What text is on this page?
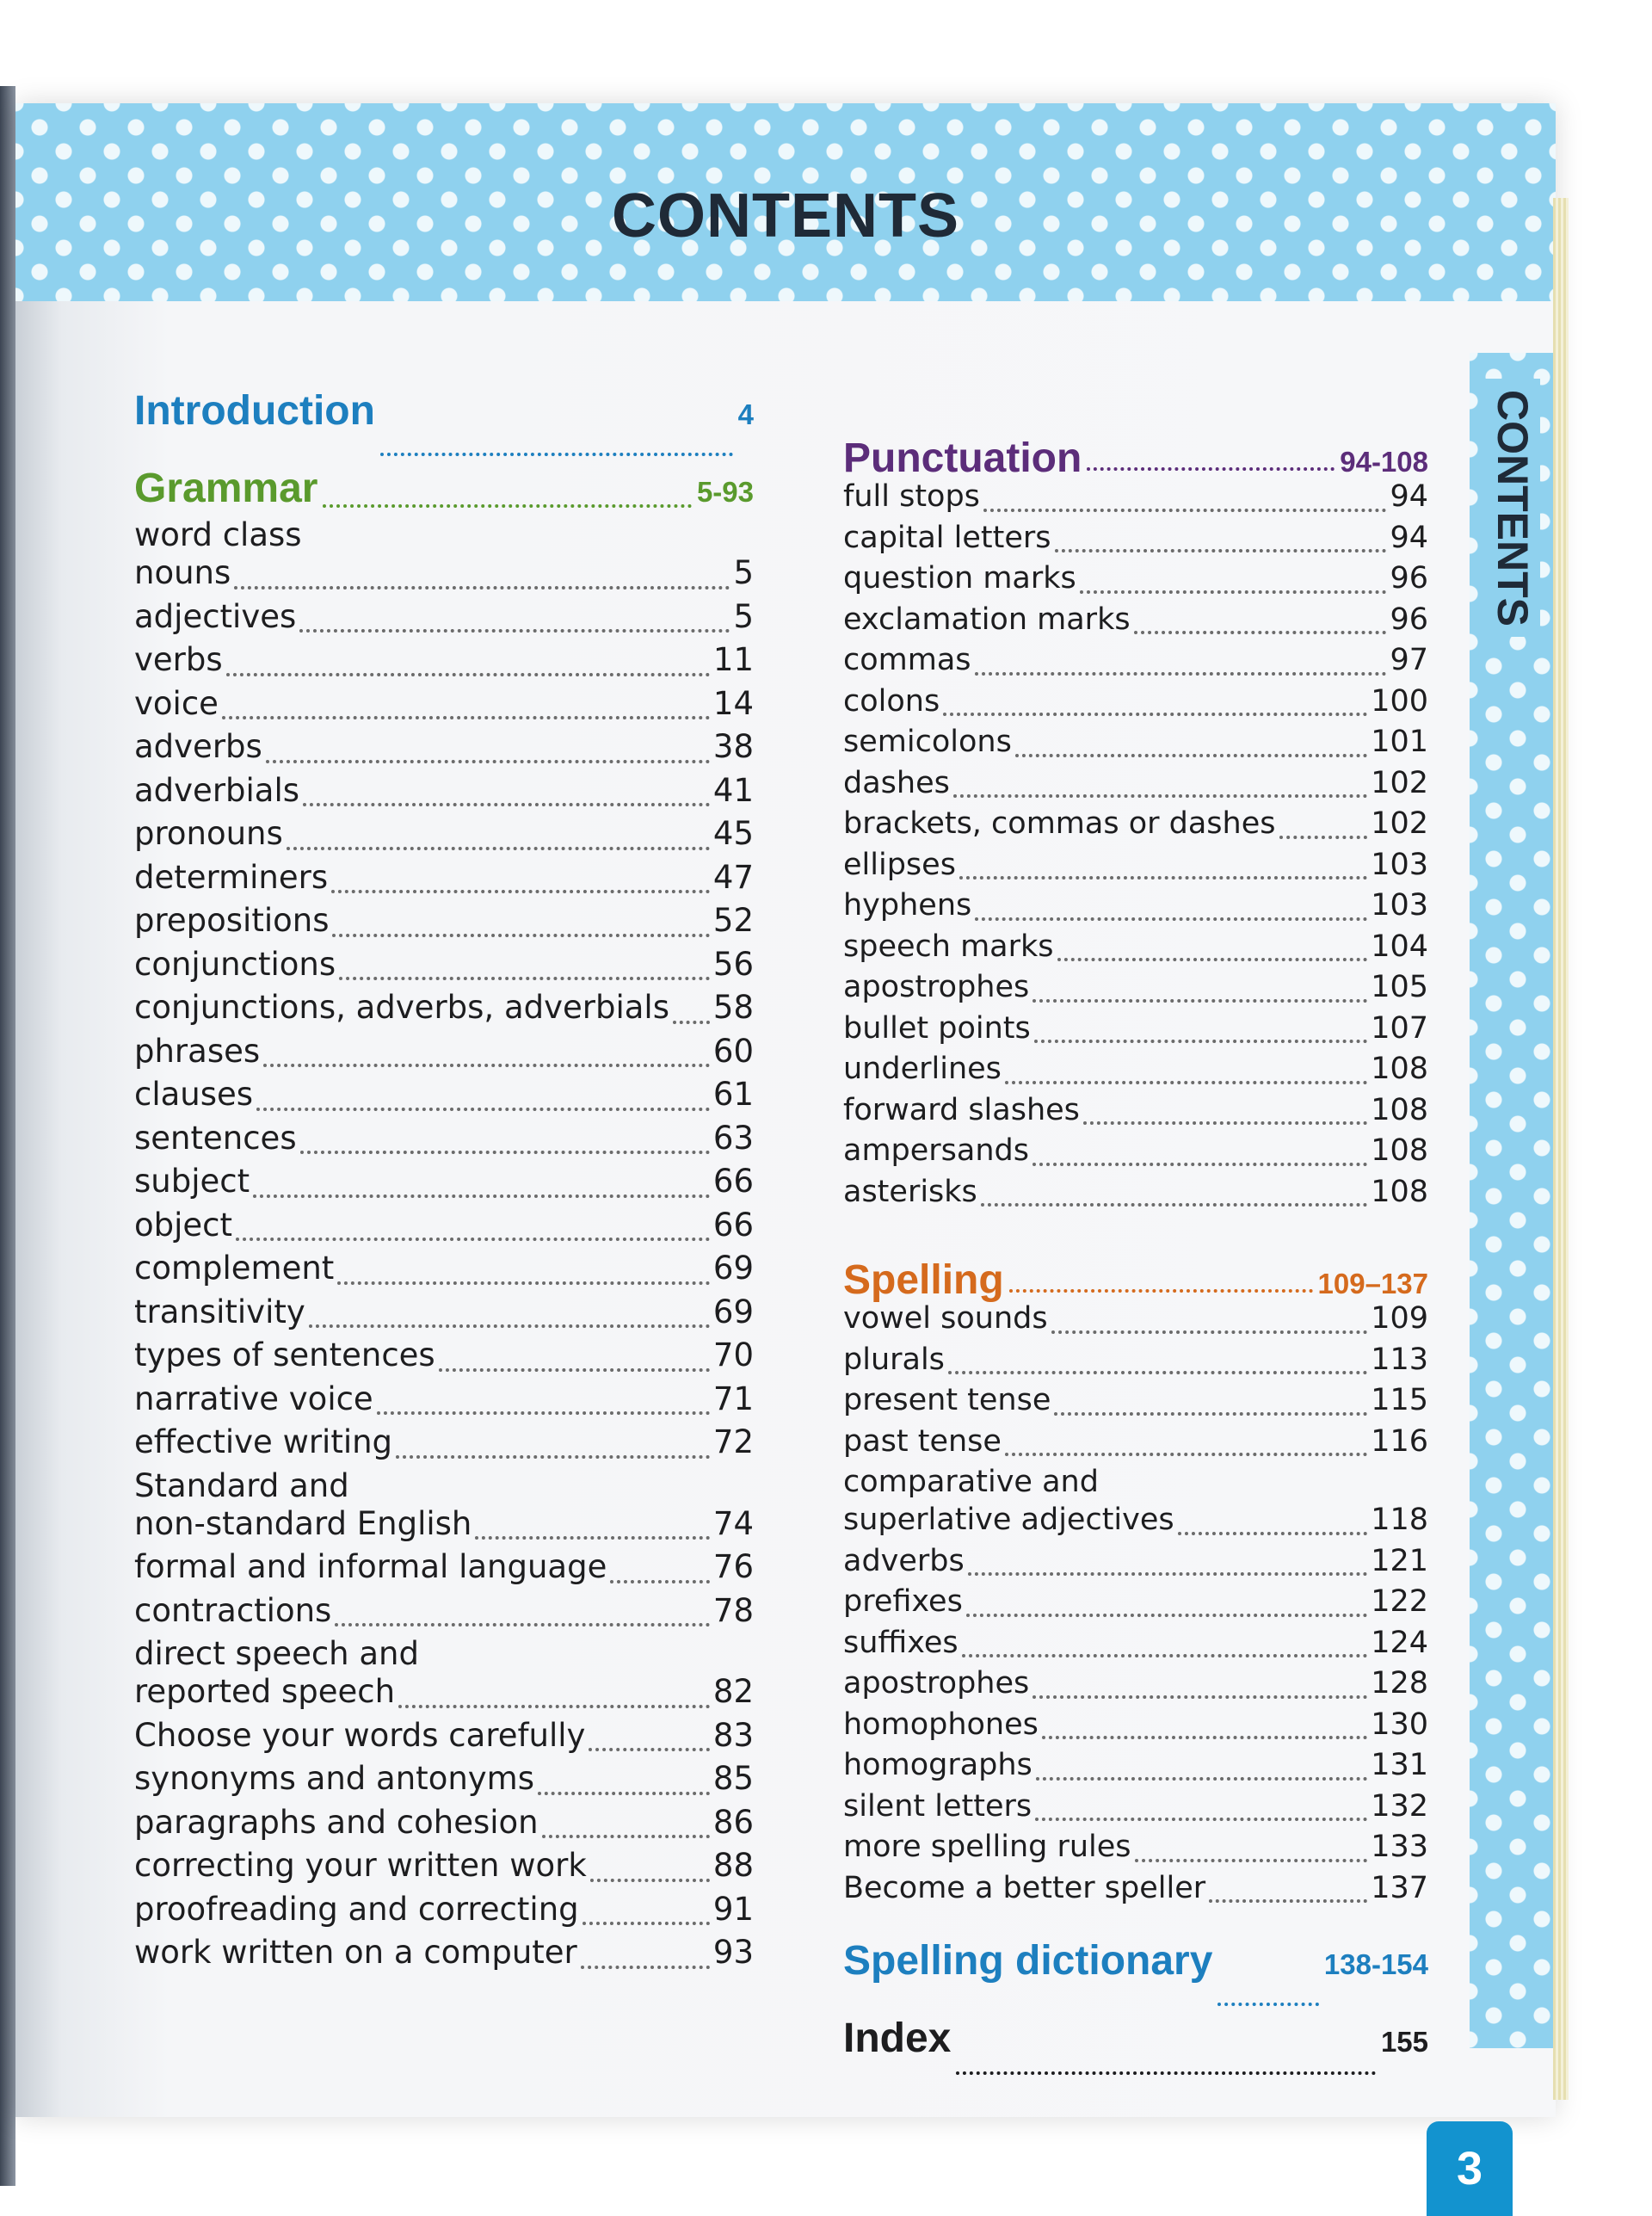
CONTENTS
CONTENTS
3
Introduction	4
Grammar	5-93
word class
nouns	5
adjectives	5
verbs	11
voice	14
adverbs	38
adverbials	41
pronouns	45
determiners	47
prepositions	52
conjunctions	56
conjunctions, adverbs, adverbials 58
phrases	60
clauses	61
sentences	63
subject	66
object	66
complement	69
transitivity	69
types of sentences	70
narrative voice	71
effective writing	72
Standard and
non-standard English	74
formal and informal language	76
contractions	78
direct speech and
reported speech	82
Choose your words carefully	83
synonyms and antonyms	85
paragraphs and cohesion	86
correcting your written work	88
proofreading and correcting	91
work written on a computer	93
Punctuation	94-108
full stops	94
capital letters	94
question marks	96
exclamation marks	96
commas	97
colons	100
semicolons	101
dashes	102
brackets, commas or dashes	102
ellipses	103
hyphens	103
speech marks	104
apostrophes	105
bullet points	107
underlines	108
forward slashes	108
ampersands	108
asterisks	108
Spelling	109–137
vowel sounds	109
plurals	113
present tense	115
past tense	116
comparative and
superlative adjectives	118
adverbs	121
prefixes	122
suffixes	124
apostrophes	128
homophones	130
homographs	131
silent letters	132
more spelling rules	133
Become a better speller	137
Spelling dictionary	138-154
Index	155
